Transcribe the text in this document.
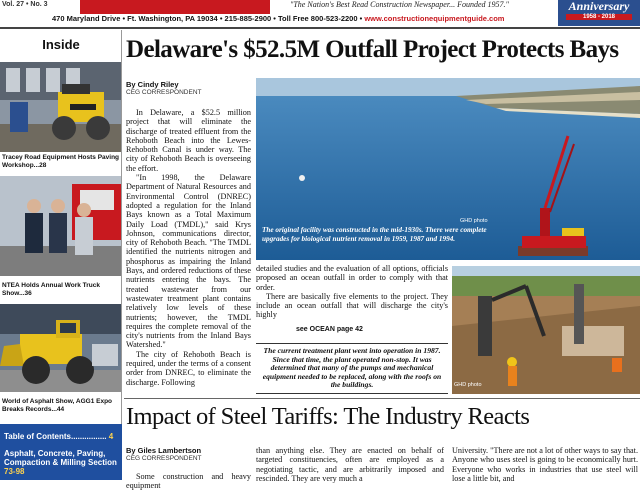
Vol. 27 • No. 3	"The Nation's Best Read Construction Newspaper... Founded 1957."
470 Maryland Drive • Ft. Washington, PA 19034 • 215-885-2900 • Toll Free 800-523-2200 • www.constructionequipmentguide.com
Anniversary
1958 - 2018
Inside
Tracey Road Equipment Hosts Paving Workshop...28
NTEA Holds Annual Work Truck Show...36
World of Asphalt Show, AGG1 Expo Breaks Records...44
Table of Contents................ 4
Asphalt, Concrete, Paving, Compaction & Milling Section 73-98
Delaware's $52.5M Outfall Project Protects Bays
By Cindy Riley
CEG CORRESPONDENT

In Delaware, a $52.5 million project that will eliminate the discharge of treated effluent from the Rehoboth Beach into the Lewes-Rehoboth Canal is under way. The city of Rehoboth Beach is overseeing the effort.

"In 1998, the Delaware Department of Natural Resources and Environmental Control (DNREC) adopted a regulation for the Inland Bays known as a Total Maximum Daily Load (TMDL)," said Krys Johnson, communications director, city of Rehoboth Beach. "The TMDL identified the nutrients nitrogen and phosphorus as impairing the Inland Bays, and ordered reductions of these nutrients entering the bays. The treated wastewater from our wastewater treatment plant contains relatively low levels of these nutrients; however, the TMDL requires the complete removal of the city's nutrients from the Inland Bays Watershed."

The city of Rehoboth Beach is required, under the terms of a consent order from DNREC, to eliminate the discharge. Following

The original facility was constructed in the mid-1930s. There were complete upgrades for biological nutrient removal in 1959, 1987 and 1994.
GHD photo

detailed studies and the evaluation of all options, officials proposed an ocean outfall in order to comply with that order.

There are basically five elements to the project. They include an ocean outfall that will discharge the city's highly

see OCEAN page 42
The current treatment plant went into operation in 1987. Since that time, the plant operated non-stop. It was determined that many of the pumps and mechanical equipment needed to be replaced, along with the roofs on the buildings.	GHD photo
Impact of Steel Tariffs: The Industry Reacts
By Giles Lambertson
CEG CORRESPONDENT

Some construction and heavy equipment

than anything else. They are enacted on behalf of targeted constituencies, often are employed as a negotiating tactic, and are arbitrarily imposed and rescinded. They are very much a

University. "There are not a lot of other ways to say that. Anyone who uses steel is going to be economically hurt. Everyone who works in industries that use steel will lose a little bit, and
